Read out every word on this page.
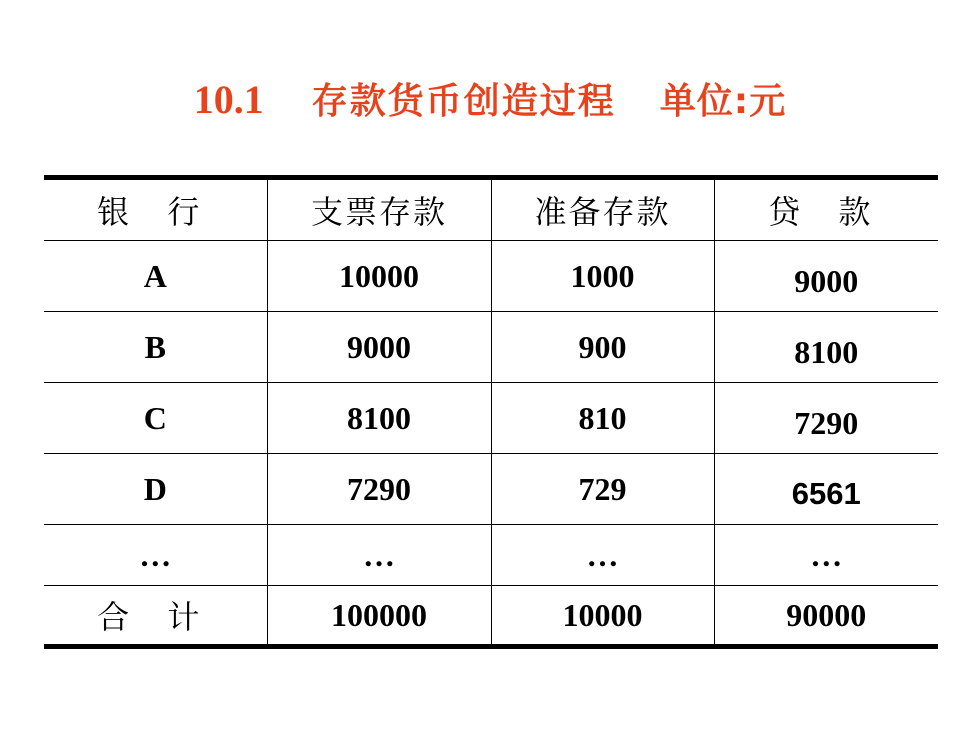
10.1 存款货币创造过程 单位:元
银 行	支票存款	准备存款	贷 款
A	10000	1000	9000
B	9000	900	8100
C	8100	810	7290
D	7290	729	6561
…	…	…	…
合 计	100000	10000	90000
